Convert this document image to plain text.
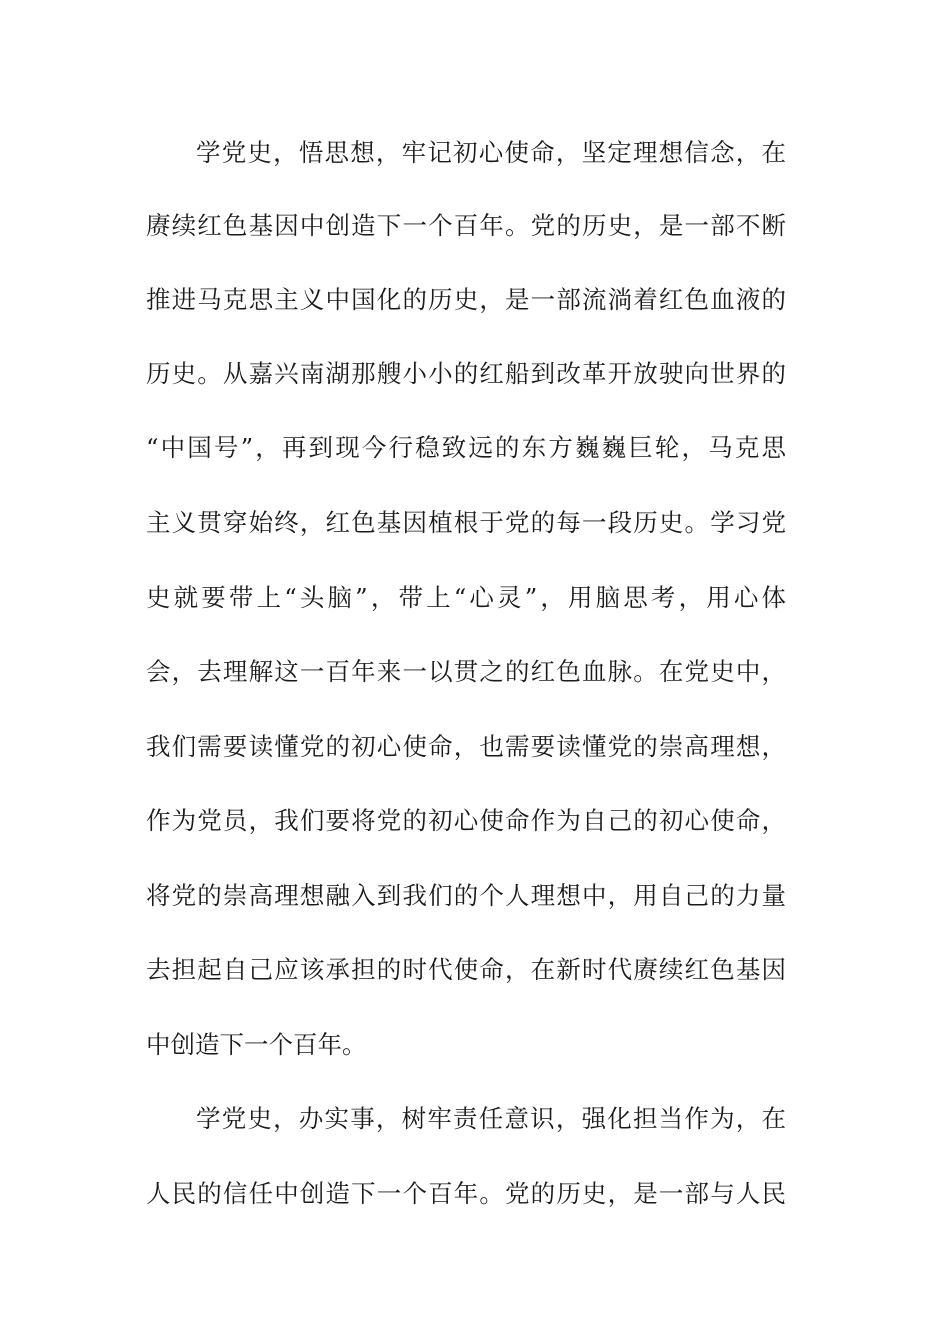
学党史，悟思想，牢记初心使命，坚定理想信念，在
赓续红色基因中创造下一个百年。党的历史，是一部不断
推进马克思主义中国化的历史，是一部流淌着红色血液的
历史。从嘉兴南湖那艘小小的红船到改革开放驶向世界的
“中国号”，再到现今行稳致远的东方巍巍巨轮，马克思
主义贯穿始终，红色基因植根于党的每一段历史。学习党
史就要带上“头脑”，带上“心灵”，用脑思考，用心体
会，去理解这一百年来一以贯之的红色血脉。在党史中，
我们需要读懂党的初心使命，也需要读懂党的崇高理想，
作为党员，我们要将党的初心使命作为自己的初心使命，
将党的崇高理想融入到我们的个人理想中，用自己的力量
去担起自己应该承担的时代使命，在新时代赓续红色基因
中创造下一个百年。
学党史，办实事，树牢责任意识，强化担当作为，在
人民的信任中创造下一个百年。党的历史，是一部与人民
